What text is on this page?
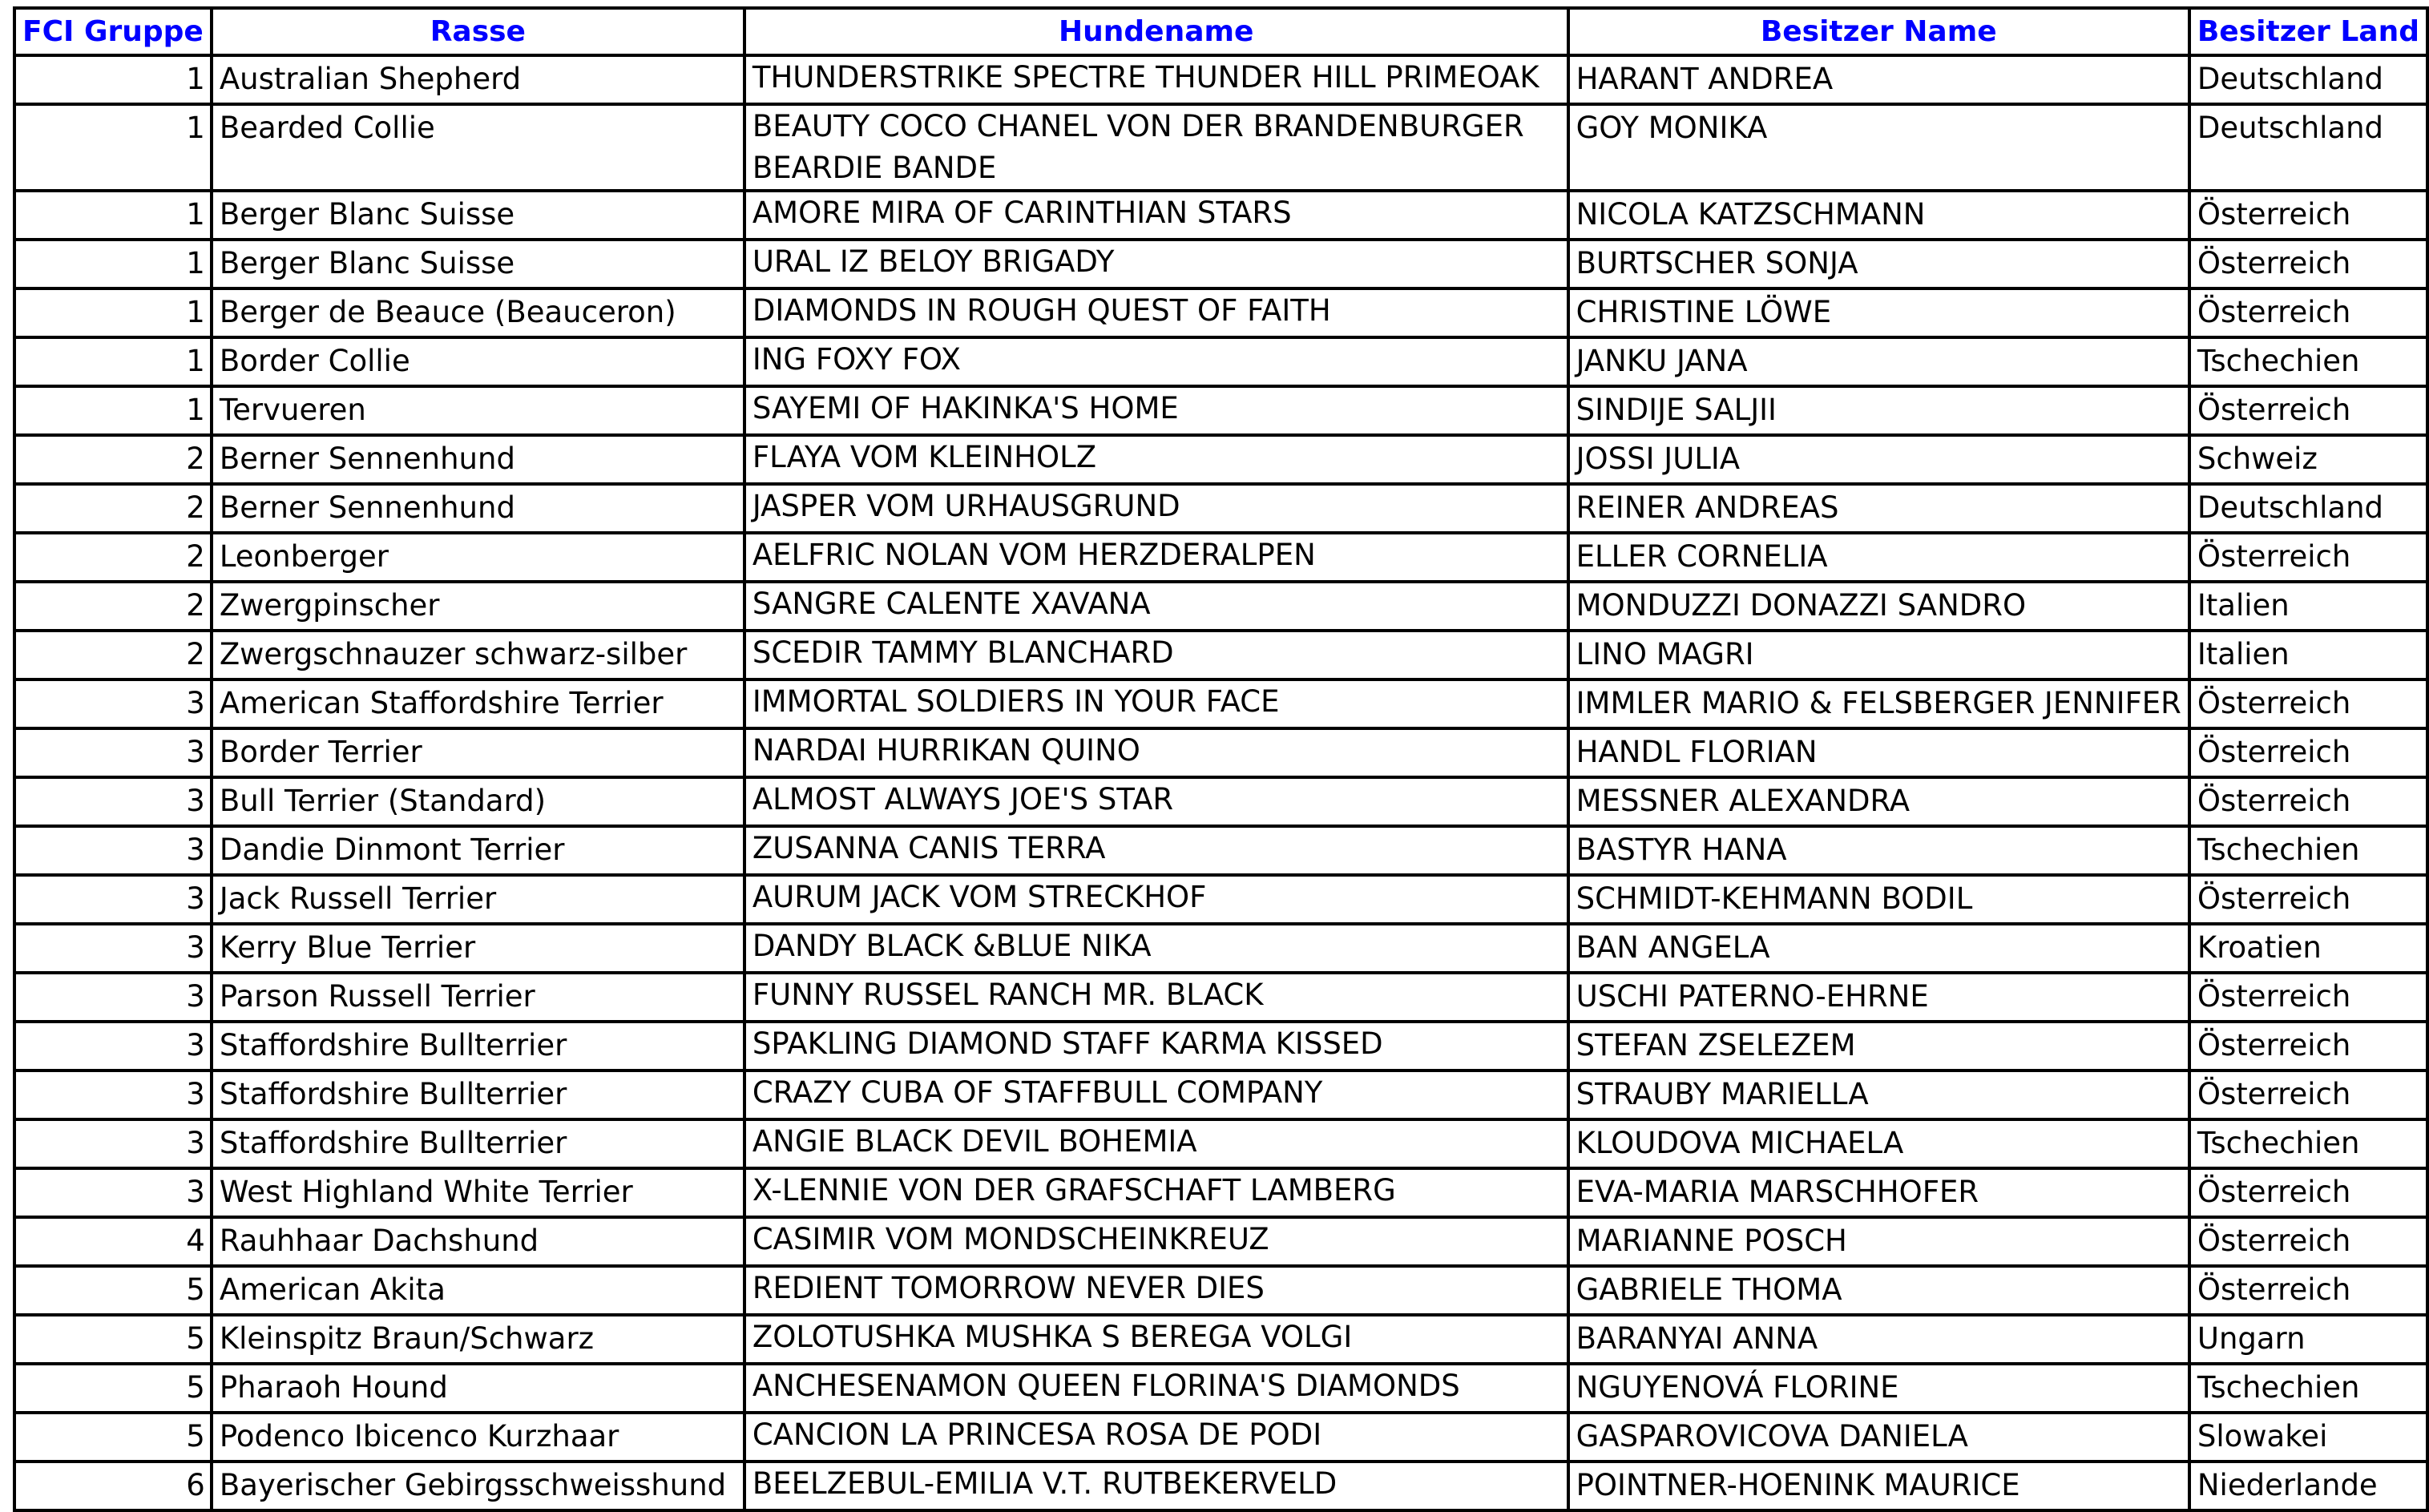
FCI Gruppe	Rasse	Hundename	Besitzer Name	Besitzer Land
1	Australian Shepherd	THUNDERSTRIKE SPECTRE THUNDER HILL PRIMEOAK	HARANT ANDREA	Deutschland
1	Bearded Collie	BEAUTY COCO CHANEL VON DER BRANDENBURGER BEARDIE BANDE	GOY MONIKA	Deutschland
1	Berger Blanc Suisse	AMORE MIRA OF CARINTHIAN STARS	NICOLA KATZSCHMANN	Österreich
1	Berger Blanc Suisse	URAL IZ BELOY BRIGADY	BURTSCHER SONJA	Österreich
1	Berger de Beauce (Beauceron)	DIAMONDS IN ROUGH QUEST OF FAITH	CHRISTINE LÖWE	Österreich
1	Border Collie	ING FOXY FOX	JANKU JANA	Tschechien
1	Tervueren	SAYEMI OF HAKINKA'S HOME	SINDIJE SALJII	Österreich
2	Berner Sennenhund	FLAYA VOM KLEINHOLZ	JOSSI JULIA	Schweiz
2	Berner Sennenhund	JASPER VOM URHAUSGRUND	REINER ANDREAS	Deutschland
2	Leonberger	AELFRIC NOLAN VOM HERZDERALPEN	ELLER CORNELIA	Österreich
2	Zwergpinscher	SANGRE CALENTE XAVANA	MONDUZZI DONAZZI SANDRO	Italien
2	Zwergschnauzer schwarz-silber	SCEDIR TAMMY BLANCHARD	LINO MAGRI	Italien
3	American Staffordshire Terrier	IMMORTAL SOLDIERS IN YOUR FACE	IMMLER MARIO & FELSBERGER JENNIFER	Österreich
3	Border Terrier	NARDAI HURRIKAN QUINO	HANDL FLORIAN	Österreich
3	Bull Terrier (Standard)	ALMOST ALWAYS JOE'S STAR	MESSNER ALEXANDRA	Österreich
3	Dandie Dinmont Terrier	ZUSANNA CANIS TERRA	BASTYR HANA	Tschechien
3	Jack Russell Terrier	AURUM JACK VOM STRECKHOF	SCHMIDT-KEHMANN BODIL	Österreich
3	Kerry Blue Terrier	DANDY BLACK &BLUE NIKA	BAN ANGELA	Kroatien
3	Parson Russell Terrier	FUNNY RUSSEL RANCH MR. BLACK	USCHI PATERNO-EHRNE	Österreich
3	Staffordshire Bullterrier	SPAKLING DIAMOND STAFF KARMA KISSED	STEFAN ZSELEZEM	Österreich
3	Staffordshire Bullterrier	CRAZY CUBA OF STAFFBULL COMPANY	STRAUBY MARIELLA	Österreich
3	Staffordshire Bullterrier	ANGIE BLACK DEVIL BOHEMIA	KLOUDOVA MICHAELA	Tschechien
3	West Highland White Terrier	X-LENNIE VON DER GRAFSCHAFT LAMBERG	EVA-MARIA MARSCHHOFER	Österreich
4	Rauhhaar Dachshund	CASIMIR VOM MONDSCHEINKREUZ	MARIANNE POSCH	Österreich
5	American Akita	REDIENT TOMORROW NEVER DIES	GABRIELE THOMA	Österreich
5	Kleinspitz Braun/Schwarz	ZOLOTUSHKA MUSHKA S BEREGA VOLGI	BARANYAI ANNA	Ungarn
5	Pharaoh Hound	ANCHESENAMON QUEEN FLORINA'S DIAMONDS	NGUYENOVÁ FLORINE	Tschechien
5	Podenco Ibicenco Kurzhaar	CANCION LA PRINCESA ROSA DE PODI	GASPAROVICOVA DANIELA	Slowakei
6	Bayerischer Gebirgsschweisshund	BEELZEBUL-EMILIA V.T. RUTBEKERVELD	POINTNER-HOENINK MAURICE	Niederlande
